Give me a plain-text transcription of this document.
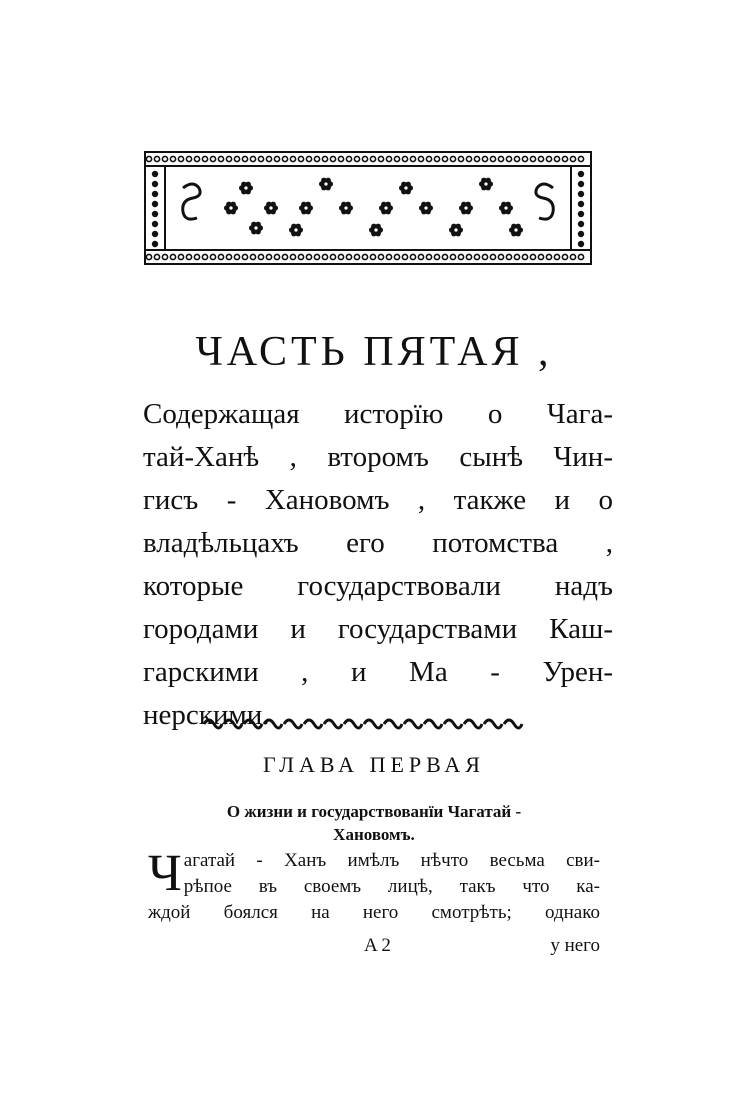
ЧАСТЬ ПЯТАЯ ,
Содержащая исторїю о Чага-
тай-Ханѣ , второмъ сынѣ Чин-
гисъ - Хановомъ , также и о
владѣльцахъ его потомства ,
которые государствовали надъ
городами и государствами Каш-
гарскими , и Ма - Урен-
нерскими.
ГЛАВА ПЕРВАЯ
О жизни и государствованїи Чагатай -
Хановомъ.
Ч агатай - Ханъ имѣлъ нѣчто весьма сви-
рѣпое въ своемъ лицѣ, такъ что ка-
ждой боялся на него смотрѣть; однако
A 2	у него
